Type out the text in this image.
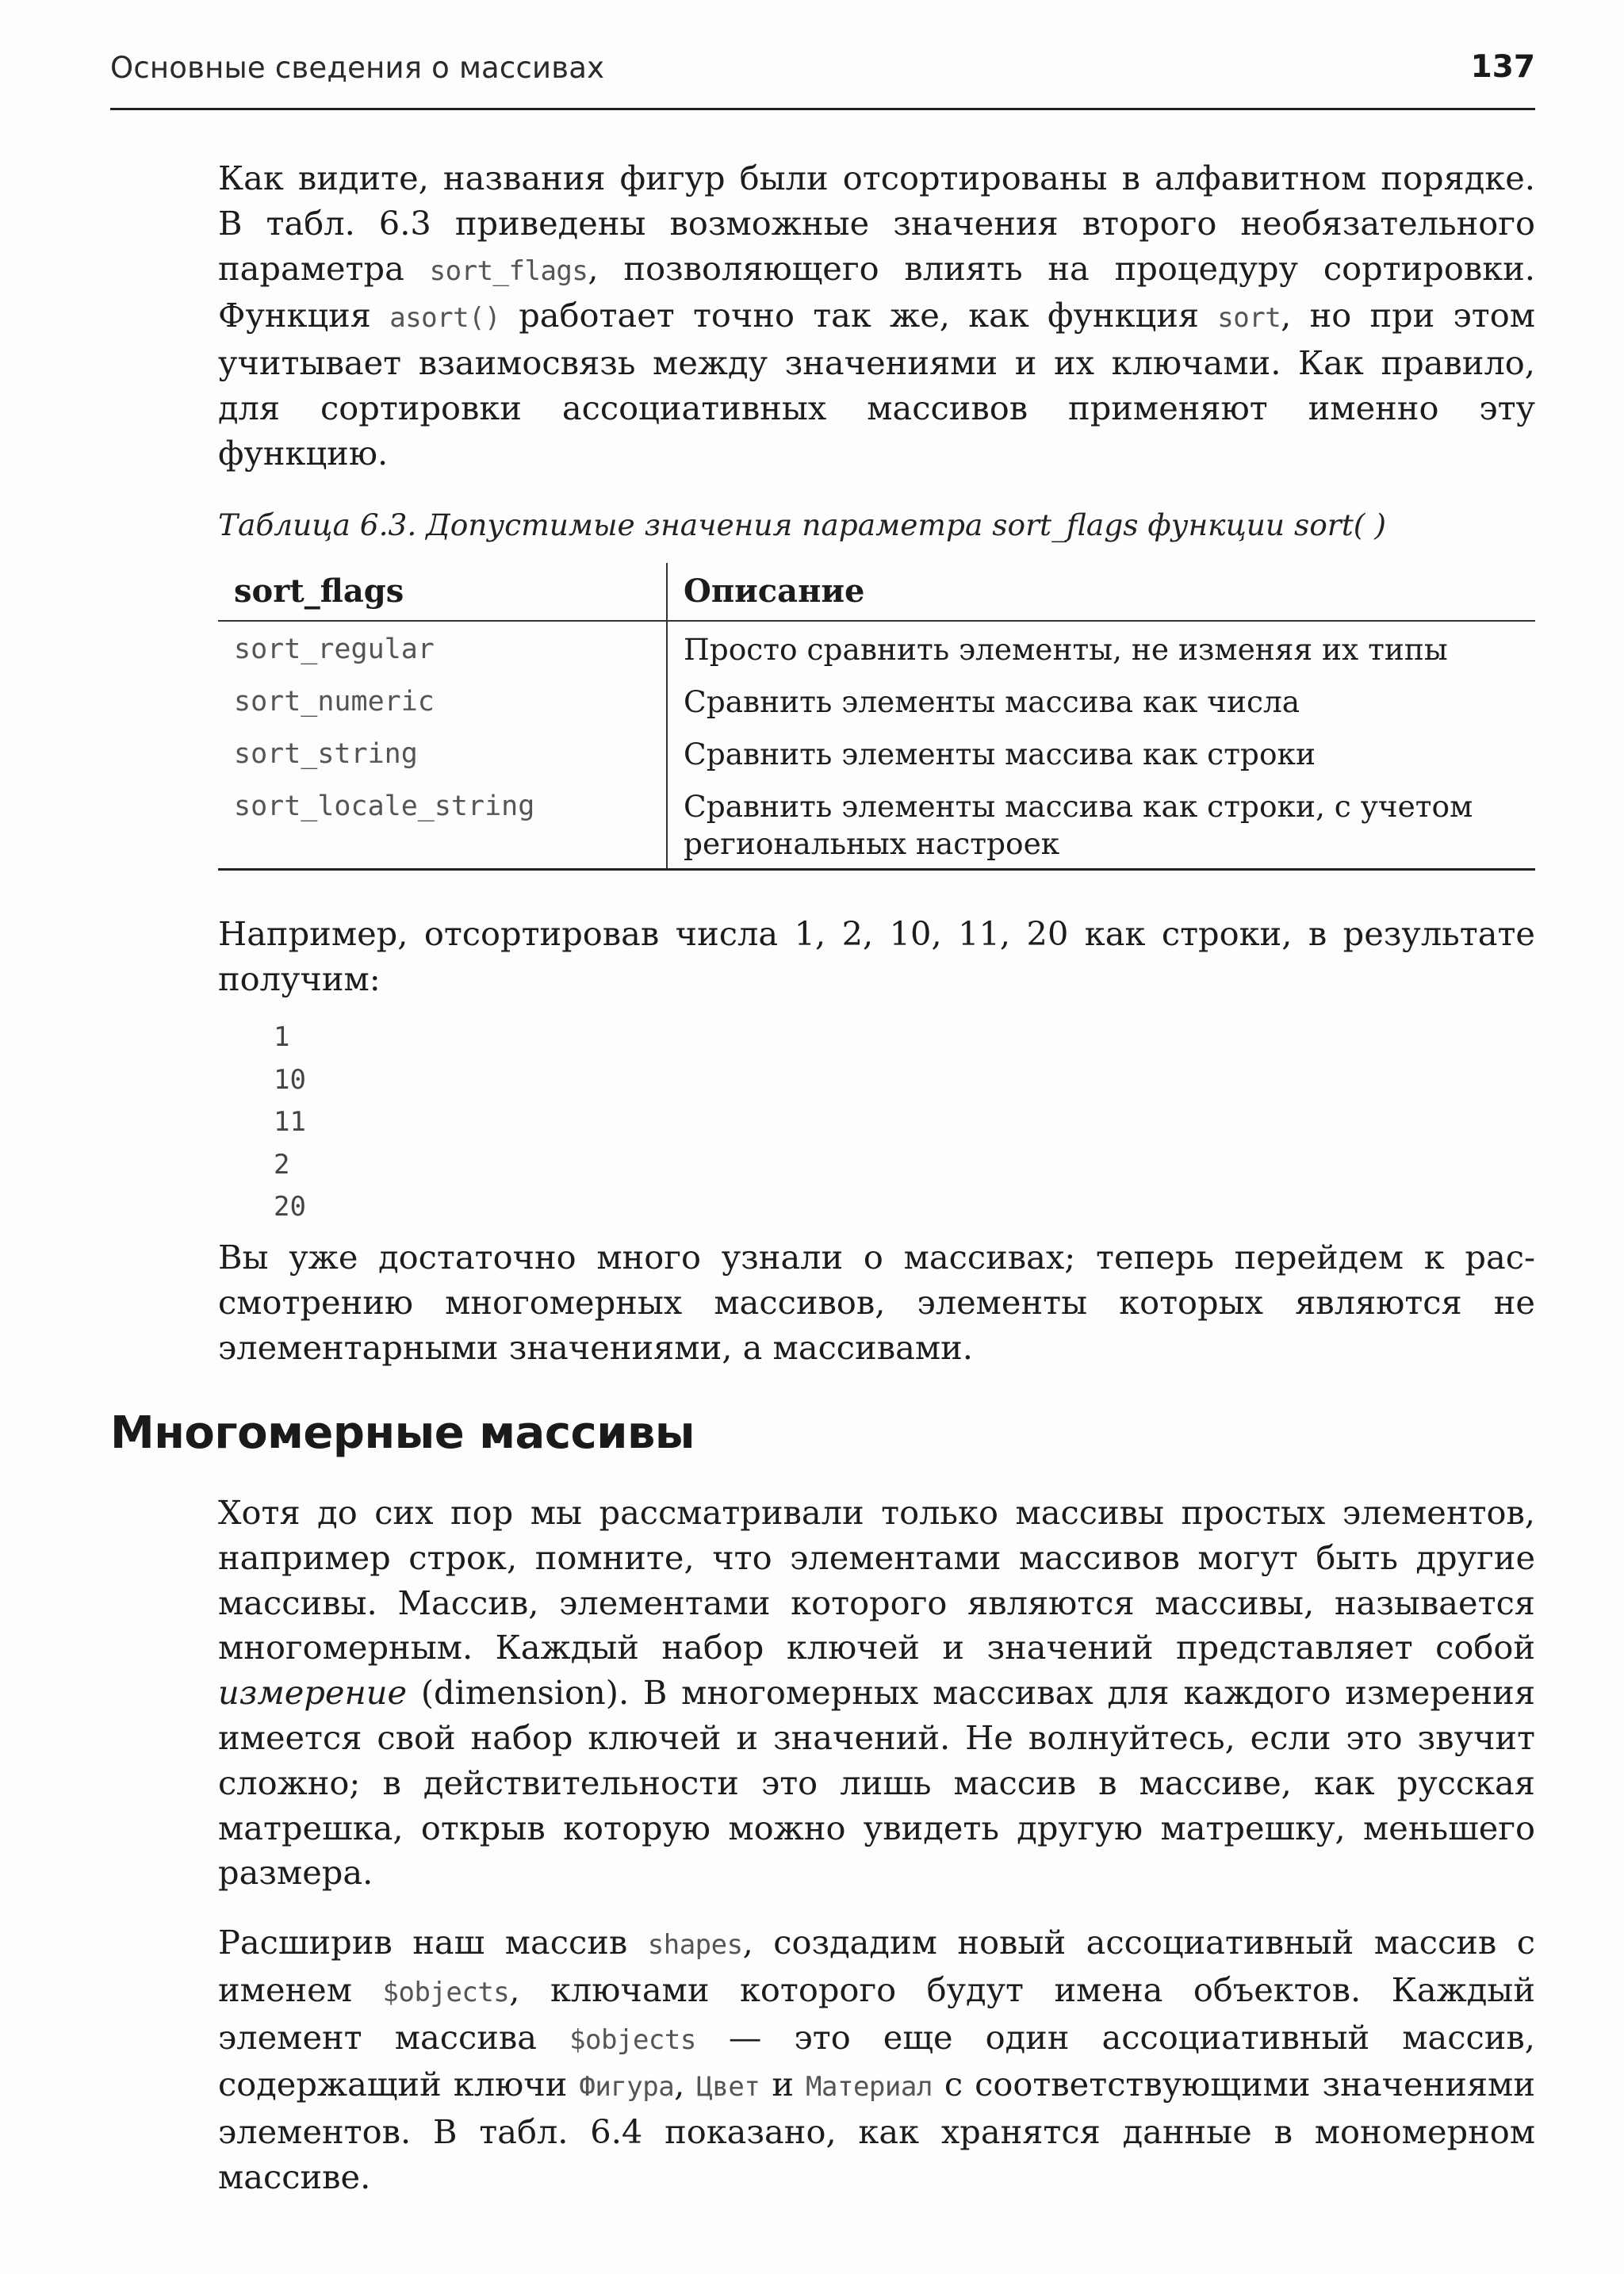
Основные сведения о массивах	137

Как видите, названия фигур были отсортированы в алфавитном порядке. В табл. 6.3 приведены возможные значения второго необязательного параметра sort_flags, позволяющего влиять на процедуру сортировки. Функция asort() работает точно так же, как функция sort, но при этом учитывает взаимосвязь между значениями и их ключами. Как правило, для сортировки ассоциативных массивов применяют именно эту функцию.

Таблица 6.3. Допустимые значения параметра sort_flags функции sort( )
sort_flags	Описание
sort_regular	Просто сравнить элементы, не изменяя их типы
sort_numeric	Сравнить элементы массива как числа
sort_string	Сравнить элементы массива как строки
sort_locale_string	Сравнить элементы массива как строки, с учетом региональных настроек

Например, отсортировав числа 1, 2, 10, 11, 20 как строки, в результате получим:

1
10
11
2
20

Вы уже достаточно много узнали о массивах; теперь перейдем к рассмотрению многомерных массивов, элементы которых являются не элементарными значениями, а массивами.

Многомерные массивы

Хотя до сих пор мы рассматривали только массивы простых элементов, например строк, помните, что элементами массивов могут быть другие массивы. Массив, элементами которого являются массивы, называется многомерным. Каждый набор ключей и значений представляет собой измерение (dimension). В многомерных массивах для каждого измерения имеется свой набор ключей и значений. Не волнуйтесь, если это звучит сложно; в действительности это лишь массив в массиве, как русская матрешка, открыв которую можно увидеть другую матрешку, меньшего размера.

Расширив наш массив shapes, создадим новый ассоциативный массив с именем $objects, ключами которого будут имена объектов. Каждый элемент массива $objects — это еще один ассоциативный массив, содержащий ключи Фигура, Цвет и Материал с соответствующими значениями элементов. В табл. 6.4 показано, как хранятся данные в мономерном массиве.
